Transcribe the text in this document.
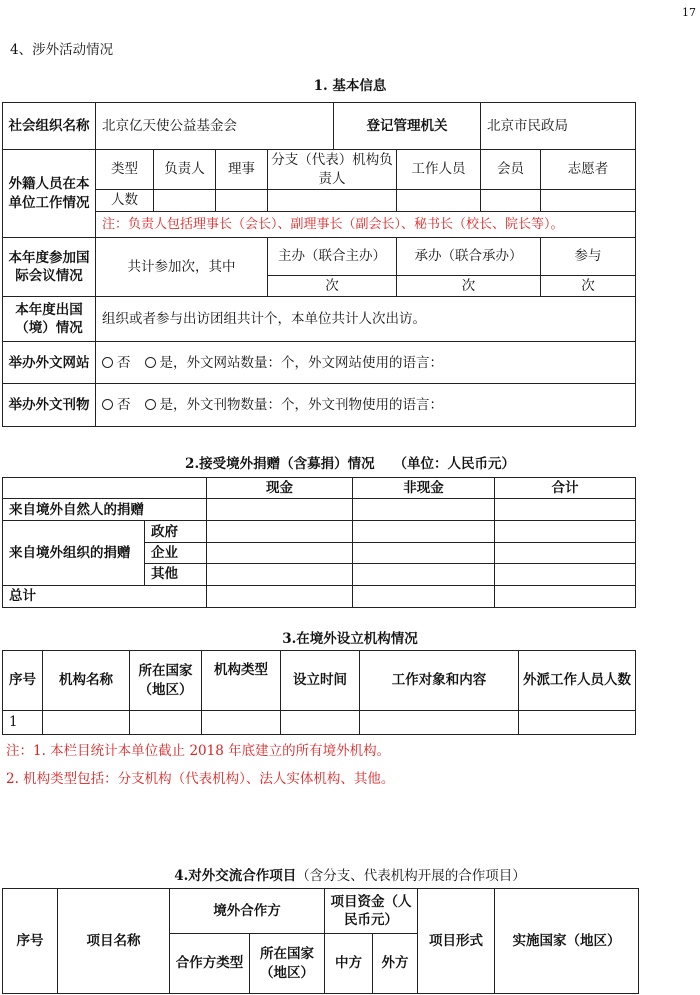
17
4、涉外活动情况
1. 基本信息
社会组织名称	北京亿天使公益基金会				登记管理机关		北京市民政局	
外籍人员在本单位工作情况	类型	负责人	理事	分支（代表）机构负责人		工作人员	会员	志愿者
	人数							
	注：负责人包括理事长（会长）、副理事长（副会长）、秘书长（校长、院长等）。							
本年度参加国际会议情况	共计参加次，其中			主办（联合主办）		承办（联合承办）		参与
				次		次		次
本年度出国（境）情况	组织或者参与出访团组共计个，本单位共计人次出访。							
举办外文网站	否 是，外文网站数量：个，外文网站使用的语言：							
举办外文刊物	否 是，外文刊物数量：个，外文刊物使用的语言：							
2.接受境外捐赠（含募捐）情况 （单位：人民币元）
		现金	非现金	合计
来自境外自然人的捐赠				
来自境外组织的捐赠	政府			
	企业			
	其他			
总计				
3.在境外设立机构情况
序号	机构名称	所在国家（地区）	机构类型	设立时间	工作对象和内容	外派工作人员人数
1						
注：1. 本栏目统计本单位截止 2018 年底建立的所有境外机构。
2. 机构类型包括：分支机构（代表机构）、法人实体机构、其他。
4.对外交流合作项目（含分支、代表机构开展的合作项目）
序号	项目名称	境外合作方		项目资金（人民币元）		项目形式	实施国家（地区）
		合作方类型	所在国家（地区）	中方	外方		
